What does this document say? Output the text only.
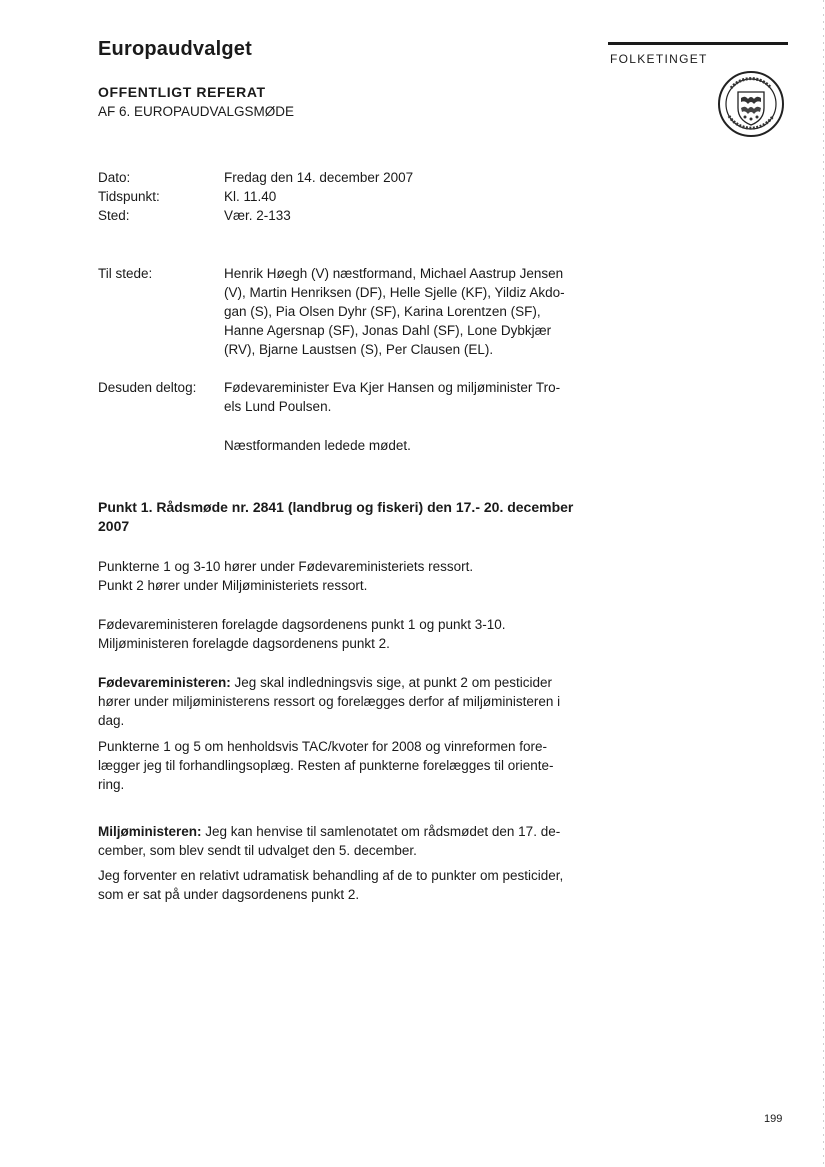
Europaudvalget
OFFENTLIGT REFERAT
AF 6. EUROPAUDVALGSMØDE
FOLKETINGET
Dato:	Fredag den 14. december 2007
Tidspunkt:	Kl. 11.40
Sted:	Vær. 2-133
Til stede:	Henrik Høegh (V) næstformand, Michael Aastrup Jensen
(V), Martin Henriksen (DF), Helle Sjelle (KF), Yildiz Akdo-
gan (S), Pia Olsen Dyhr (SF), Karina Lorentzen (SF),
Hanne Agersnap (SF), Jonas Dahl (SF), Lone Dybkjær
(RV), Bjarne Laustsen (S), Per Clausen (EL).
Desuden deltog: Fødevareminister Eva Kjer Hansen og miljøminister Tro-
els Lund Poulsen.
Næstformanden ledede mødet.
Punkt 1. Rådsmøde nr. 2841 (landbrug og fiskeri) den 17.- 20. december
2007
Punkterne 1 og 3-10 hører under Fødevareministeriets ressort.
Punkt 2 hører under Miljøministeriets ressort.
Fødevareministeren forelagde dagsordenens punkt 1 og punkt 3-10.
Miljøministeren forelagde dagsordenens punkt 2.
Fødevareministeren: Jeg skal indledningsvis sige, at punkt 2 om pesticider
hører under miljøministerens ressort og forelægges derfor af miljøministeren i
dag.
Punkterne 1 og 5 om henholdsvis TAC/kvoter for 2008 og vinreformen fore-
lægger jeg til forhandlingsoplæg. Resten af punkterne forelægges til oriente-
ring.
Miljøministeren: Jeg kan henvise til samlenotatet om rådsmødet den 17. de-
cember, som blev sendt til udvalget den 5. december.
Jeg forventer en relativt udramatisk behandling af de to punkter om pesticider,
som er sat på under dagsordenens punkt 2.
199
